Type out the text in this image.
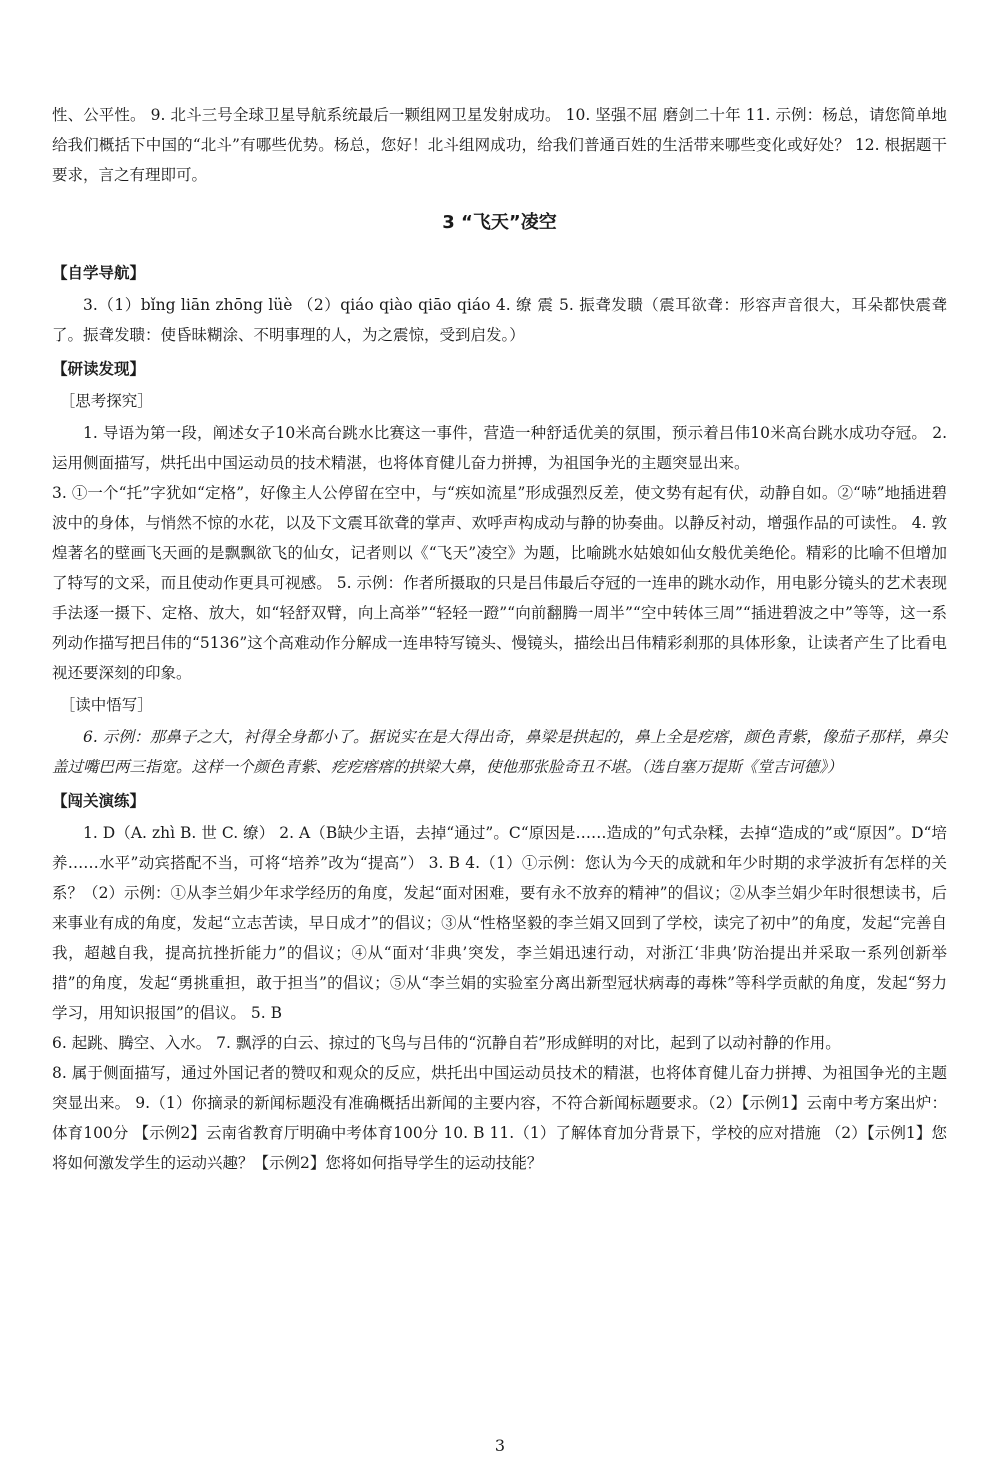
性、公平性。 9. 北斗三号全球卫星导航系统最后一颗组网卫星发射成功。 10. 坚强不屈 磨剑二十年 11. 示例：杨总，请您简单地给我们概括下中国的“北斗”有哪些优势。杨总，您好！北斗组网成功，给我们普通百姓的生活带来哪些变化或好处？ 12. 根据题干要求，言之有理即可。

3 “飞天”凌空
【自学导航】

3.（1）bǐng liān zhōng lüè （2）qiáo qiào qiāo qiáo 4. 缭 震 5. 振聋发聩（震耳欲聋：形容声音很大，耳朵都快震聋了。振聋发聩：使昏昧糊涂、不明事理的人，为之震惊，受到启发。）

【研读发现】
［思考探究］

1. 导语为第一段，阐述女子10米高台跳水比赛这一事件，营造一种舒适优美的氛围，预示着吕伟10米高台跳水成功夺冠。 2. 运用侧面描写，烘托出中国运动员的技术精湛，也将体育健儿奋力拼搏，为祖国争光的主题突显出来。

3. ①一个“托”字犹如“定格”，好像主人公停留在空中，与“疾如流星”形成强烈反差，使文势有起有伏，动静自如。②“哧”地插进碧波中的身体，与悄然不惊的水花，以及下文震耳欲聋的掌声、欢呼声构成动与静的协奏曲。以静反衬动，增强作品的可读性。 4. 敦煌著名的壁画飞天画的是飘飘欲飞的仙女，记者则以《“飞天”凌空》为题，比喻跳水姑娘如仙女般优美绝伦。精彩的比喻不但增加了特写的文采，而且使动作更具可视感。 5. 示例：作者所摄取的只是吕伟最后夺冠的一连串的跳水动作，用电影分镜头的艺术表现手法逐一摄下、定格、放大，如“轻舒双臂，向上高举”“轻轻一蹬”“向前翻腾一周半”“空中转体三周”“插进碧波之中”等等，这一系列动作描写把吕伟的“5136”这个高难动作分解成一连串特写镜头、慢镜头，描绘出吕伟精彩刹那的具体形象，让读者产生了比看电视还要深刻的印象。

［读中悟写］

6. 示例：那鼻子之大，衬得全身都小了。据说实在是大得出奇，鼻梁是拱起的，鼻上全是疙瘩，颜色青紫，像茄子那样，鼻尖盖过嘴巴两三指宽。这样一个颜色青紫、疙疙瘩瘩的拱梁大鼻，使他那张脸奇丑不堪。（选自塞万提斯《堂吉诃德》）

【闯关演练】

1. D（A. zhì B. 世 C. 缭） 2. A（B缺少主语，去掉“通过”。C“原因是……造成的”句式杂糅，去掉“造成的”或“原因”。D“培养……水平”动宾搭配不当，可将“培养”改为“提高”） 3. B 4.（1）①示例：您认为今天的成就和年少时期的求学波折有怎样的关系？（2）示例：①从李兰娟少年求学经历的角度，发起“面对困难，要有永不放弃的精神”的倡议；②从李兰娟少年时很想读书，后来事业有成的角度，发起“立志苦读，早日成才”的倡议；③从“性格坚毅的李兰娟又回到了学校，读完了初中”的角度，发起“完善自我，超越自我，提高抗挫折能力”的倡议；④从“面对‘非典’突发，李兰娟迅速行动，对浙江‘非典’防治提出并采取一系列创新举措”的角度，发起“勇挑重担，敢于担当”的倡议；⑤从“李兰娟的实验室分离出新型冠状病毒的毒株”等科学贡献的角度，发起“努力学习，用知识报国”的倡议。 5. B

6. 起跳、腾空、入水。 7. 飘浮的白云、掠过的飞鸟与吕伟的“沉静自若”形成鲜明的对比，起到了以动衬静的作用。

8. 属于侧面描写，通过外国记者的赞叹和观众的反应，烘托出中国运动员技术的精湛，也将体育健儿奋力拼搏、为祖国争光的主题突显出来。 9.（1）你摘录的新闻标题没有准确概括出新闻的主要内容，不符合新闻标题要求。（2）【示例1】云南中考方案出炉：体育100分 【示例2】云南省教育厅明确中考体育100分 10. B 11.（1）了解体育加分背景下，学校的应对措施 （2）【示例1】您将如何激发学生的运动兴趣？【示例2】您将如何指导学生的运动技能？

3
